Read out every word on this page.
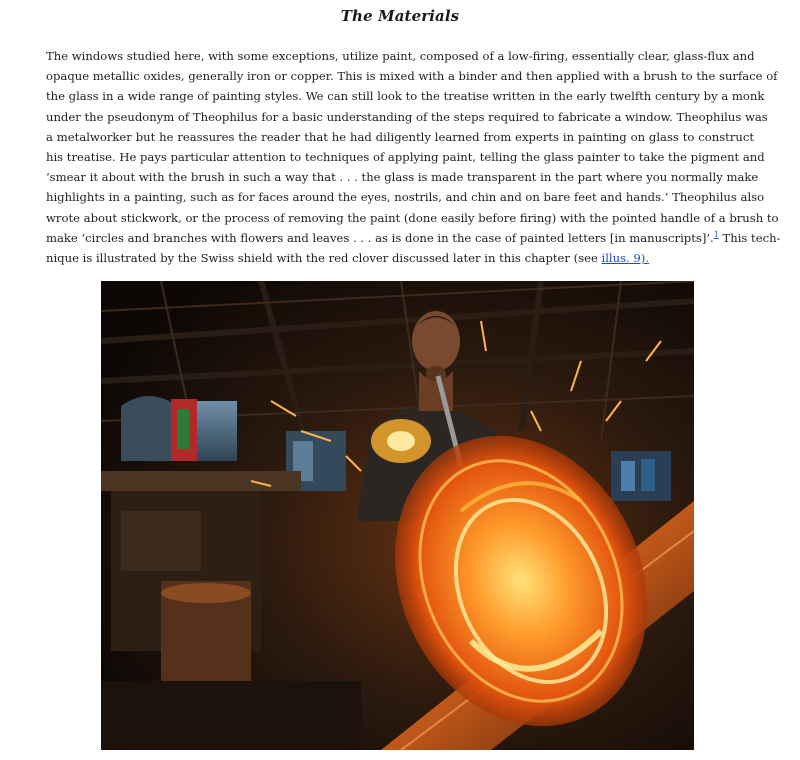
The Materials

The windows studied here, with some exceptions, utilize paint, composed of a low-firing, essentially clear, glass-flux and
opaque metallic oxides, generally iron or copper. This is mixed with a binder and then applied with a brush to the surface of
the glass in a wide range of painting styles. We can still look to the treatise written in the early twelfth century by a monk
under the pseudonym of Theophilus for a basic understanding of the steps required to fabricate a window. Theophilus was
a metalworker but he reassures the reader that he had diligently learned from experts in painting on glass to construct
his treatise. He pays particular attention to techniques of applying paint, telling the glass painter to take the pigment and
‘smear it about with the brush in such a way that . . . the glass is made transparent in the part where you normally make
highlights in a painting, such as for faces around the eyes, nostrils, and chin and on bare feet and hands.’ Theophilus also
wrote about stickwork, or the process of removing the paint (done easily before firing) with the pointed handle of a brush to
make ‘circles and branches with flowers and leaves . . . as is done in the case of painted letters [in manuscripts]’.$^1$ This tech-
nique is illustrated by the Swiss shield with the red clover discussed later in this chapter (see illus. 9).
